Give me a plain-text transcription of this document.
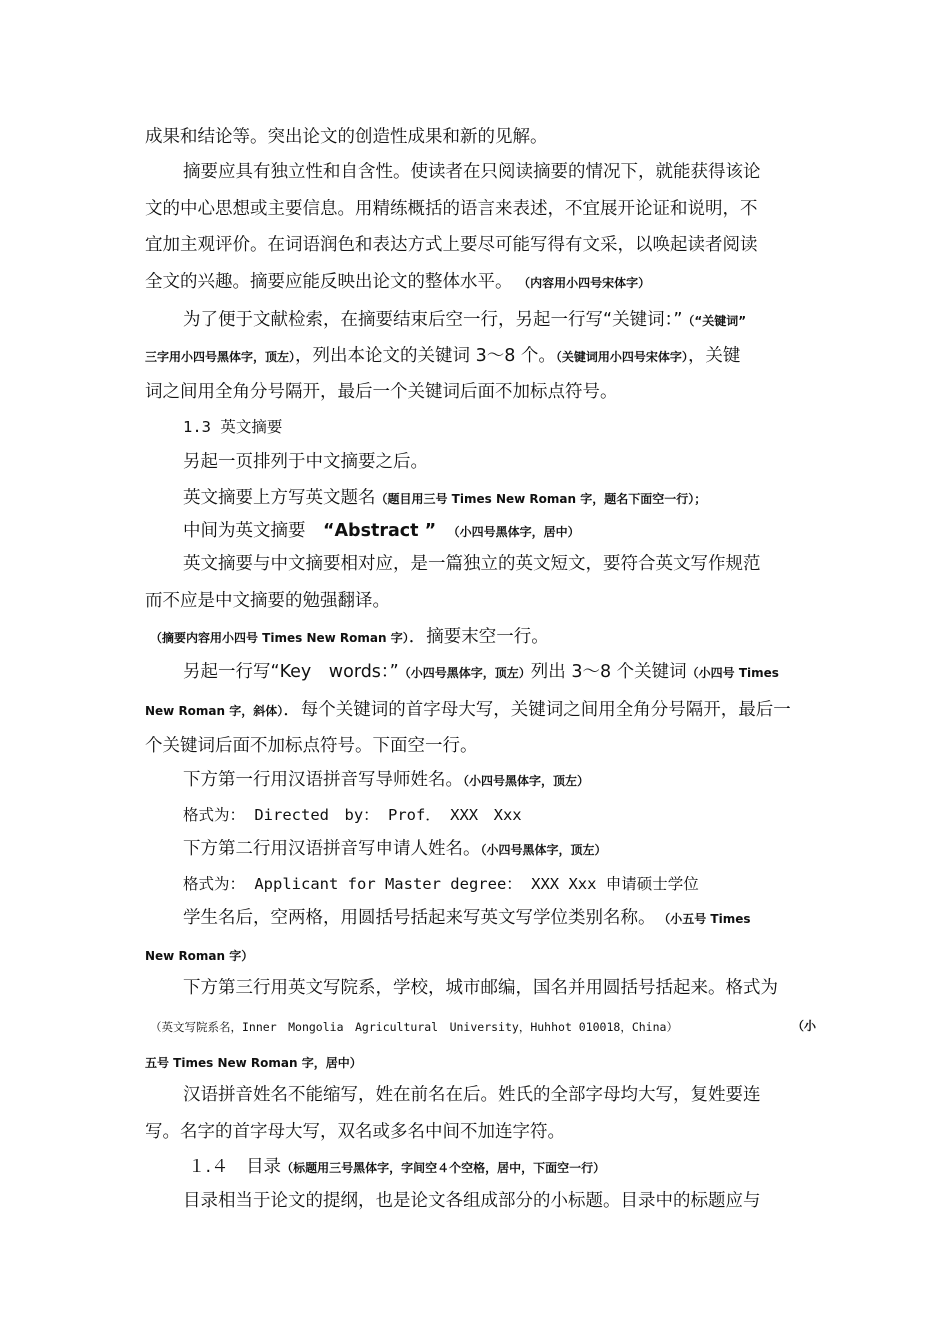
成果和结论等。突出论文的创造性成果和新的见解。
摘要应具有独立性和自含性。使读者在只阅读摘要的情况下，就能获得该论
文的中心思想或主要信息。用精练概括的语言来表述，不宜展开论证和说明，不
宜加主观评价。在词语润色和表达方式上要尽可能写得有文采，以唤起读者阅读
全文的兴趣。摘要应能反映出论文的整体水平。 （内容用小四号宋体字）
为了便于文献检索，在摘要结束后空一行，另起一行写“关键词：”（“关键词”
三字用小四号黑体字，顶左），列出本论文的关键词 3～8 个。（关键词用小四号宋体字），关键
词之间用全角分号隔开，最后一个关键词后面不加标点符号。
1.3 英文摘要
另起一页排列于中文摘要之后。
英文摘要上方写英文题名（题目用三号 Times New Roman 字，题名下面空一行）；
中间为英文摘要　 “Abstract ”　 （小四号黑体字，居中）
英文摘要与中文摘要相对应，是一篇独立的英文短文，要符合英文写作规范
而不应是中文摘要的勉强翻译。
（摘要内容用小四号 Times New Roman 字）．摘要末空一行。
另起一行写“Key　words：”（小四号黑体字，顶左）列出 3～8 个关键词（小四号 Times
New Roman 字，斜体）．每个关键词的首字母大写，关键词之间用全角分号隔开，最后一
个关键词后面不加标点符号。下面空一行。
下方第一行用汉语拼音写导师姓名。（小四号黑体字，顶左）
格式为： Directed　by： Prof． XXX　Xxx
下方第二行用汉语拼音写申请人姓名。（小四号黑体字，顶左）
格式为： Applicant for Master degree： XXX Xxx 申请硕士学位
学生名后，空两格，用圆括号括起来写英文写学位类别名称。　 （小五号 Times
New Roman 字）
下方第三行用英文写院系，学校，城市邮编，国名并用圆括号括起来。格式为
（英文写院系名，Inner　Mongolia　Agricultural　University，Huhhot 010018，China）	（小
五号 Times New Roman 字，居中）
汉语拼音姓名不能缩写，姓在前名在后。姓氏的全部字母均大写，复姓要连
写。名字的首字母大写，双名或多名中间不加连字符。
１.４　目录（标题用三号黑体字，字间空４个空格，居中，下面空一行）
目录相当于论文的提纲，也是论文各组成部分的小标题。目录中的标题应与
